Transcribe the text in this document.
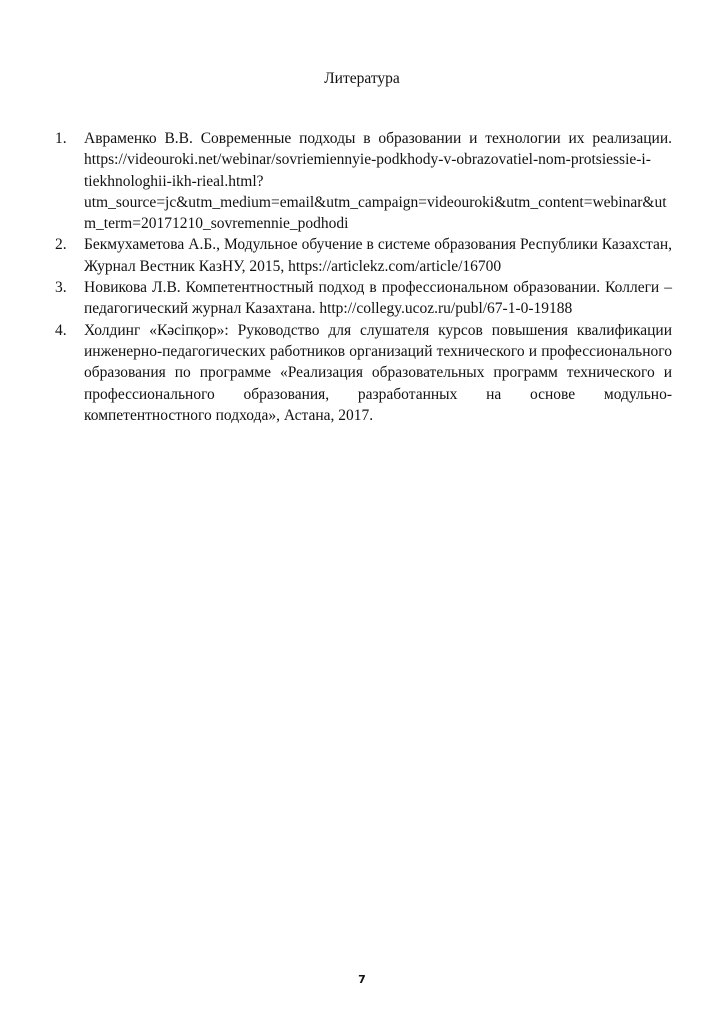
Литература
1. Авраменко В.В. Современные подходы в образовании и технологии их реализации. https://videouroki.net/webinar/sovriemiennyie-podkhody-v-obrazovatiel-nom-protsiessie-i-tiekhnologhii-ikh-rieal.html?utm_source=jc&utm_medium=email&utm_campaign=videouroki&utm_content=webinar&utm_term=20171210_sovremennie_podhodi
2. Бекмухаметова А.Б., Модульное обучение в системе образования Республики Казахстан, Журнал Вестник КазНУ, 2015, https://articlekz.com/article/16700
3. Новикова Л.В. Компетентностный подход в профессиональном образовании. Коллеги – педагогический журнал Казахтана. http://collegy.ucoz.ru/publ/67-1-0-19188
4. Холдинг «Кәсіпқор»: Руководство для слушателя курсов повышения квалификации инженерно-педагогических работников организаций технического и профессионального образования по программе «Реализация образовательных программ технического и профессионального образования, разработанных на основе модульно-компетентностного подхода», Астана, 2017.
7
